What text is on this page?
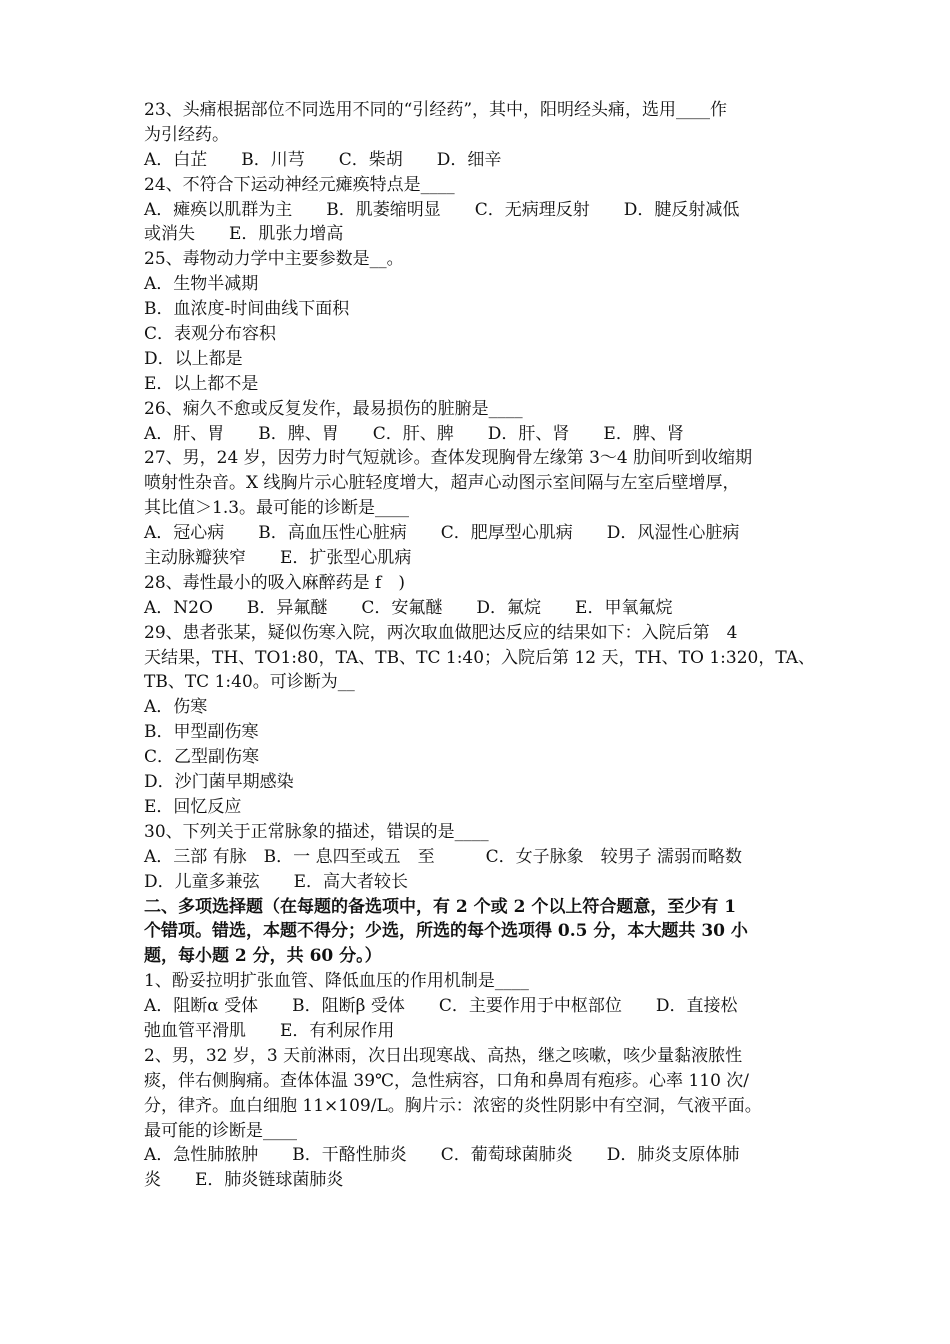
23、头痛根据部位不同选用不同的“引经药”，其中，阳明经头痛，选用____作
为引经药。
A．白芷　　B．川芎　　C．柴胡　　D．细辛
24、不符合下运动神经元瘫痪特点是____
A．瘫痪以肌群为主　　B．肌萎缩明显　　C．无病理反射　　D．腱反射减低
或消失　　E．肌张力增高
25、毒物动力学中主要参数是__。
A．生物半减期
B．血浓度-时间曲线下面积
C．表观分布容积
D．以上都是
E．以上都不是
26、痫久不愈或反复发作，最易损伤的脏腑是____
A．肝、胃　　B．脾、胃　　C．肝、脾　　D．肝、肾　　E．脾、肾
27、男，24 岁，因劳力时气短就诊。查体发现胸骨左缘第 3～4 肋间听到收缩期
喷射性杂音。X 线胸片示心脏轻度增大，超声心动图示室间隔与左室后壁增厚，
其比值＞1.3。最可能的诊断是____
A．冠心病　　B．高血压性心脏病　　C．肥厚型心肌病　　D．风湿性心脏病
主动脉瓣狭窄　　E．扩张型心肌病
28、毒性最小的吸入麻醉药是 f　)
A．N2O　　B．异氟醚　　C．安氟醚　　D．氟烷　　E．甲氧氟烷
29、患者张某，疑似伤寒入院，两次取血做肥达反应的结果如下：入院后第　4
天结果，TH、TO1:80，TA、TB、TC 1:40；入院后第 12 天，TH、TO 1:320，TA、
TB、TC 1:40。可诊断为__
A．伤寒
B．甲型副伤寒
C．乙型副伤寒
D．沙门菌早期感染
E．回忆反应
30、下列关于正常脉象的描述，错误的是____
A．三部 有脉　B．一 息四至或五　至　　　C．女子脉象　较男子 濡弱而略数
D．儿童多兼弦　　E．高大者较长
二、多项选择题（在每题的备选项中，有 2 个或 2 个以上符合题意，至少有 1
个错项。错选，本题不得分；少选，所选的每个选项得 0.5 分，本大题共 30 小
题，每小题 2 分，共 60 分。）
1、酚妥拉明扩张血管、降低血压的作用机制是____
A．阻断α 受体　　B．阻断β 受体　　C．主要作用于中枢部位　　D．直接松
弛血管平滑肌　　E．有利尿作用
2、男，32 岁，3 天前淋雨，次日出现寒战、高热，继之咳嗽，咳少量黏液脓性
痰，伴右侧胸痛。查体体温 39℃，急性病容，口角和鼻周有疱疹。心率 110 次/
分，律齐。血白细胞 11×109/L。胸片示：浓密的炎性阴影中有空洞，气液平面。
最可能的诊断是____
A．急性肺脓肿　　B．干酪性肺炎　　C．葡萄球菌肺炎　　D．肺炎支原体肺
炎　　E．肺炎链球菌肺炎
